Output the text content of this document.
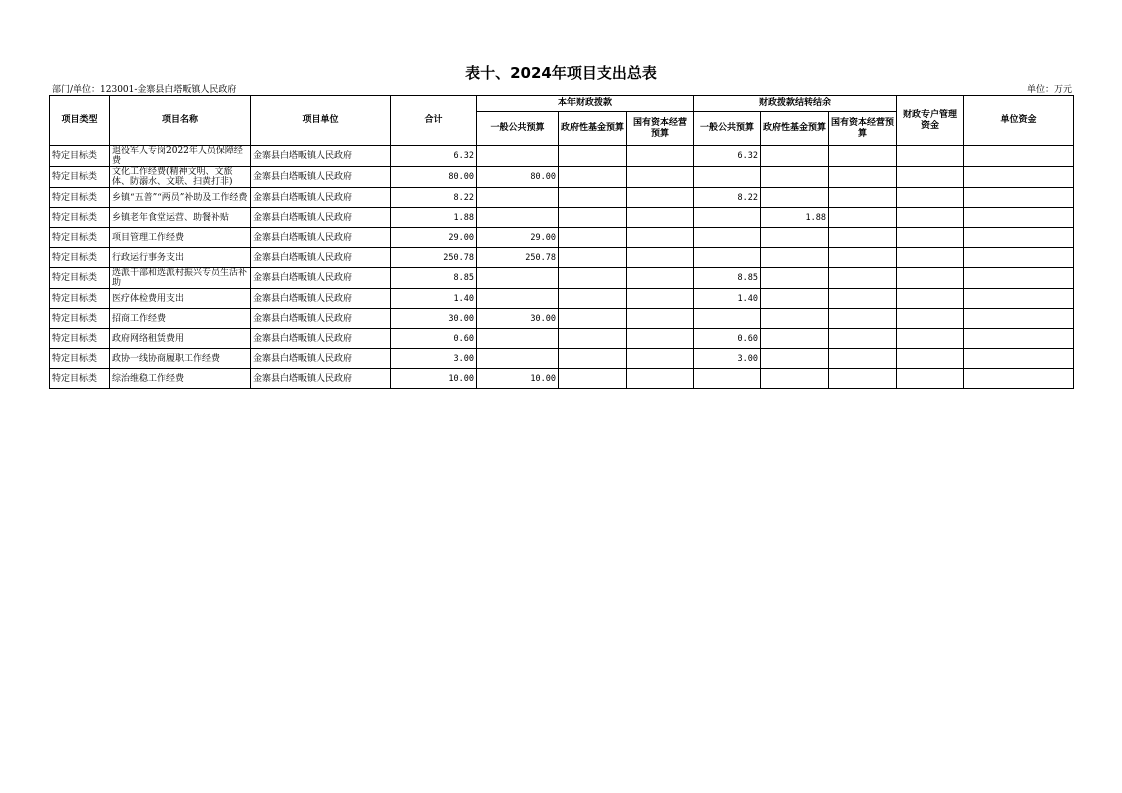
表十、2024年项目支出总表
部门/单位：123001-金寨县白塔畈镇人民政府	单位：万元
项目类型	项目名称	项目单位	合计	本年财政拨款			财政拨款结转结余			财政专户管理资金	单位资金
				一般公共预算	政府性基金预算	国有资本经营预算	一般公共预算	政府性基金预算	国有资本经营预算		
特定目标类	退役军人专岗2022年人员保障经费	金寨县白塔畈镇人民政府	6.32				6.32				
特定目标类	文化工作经费(精神文明、文旅体、防溺水、文联、扫黄打非)	金寨县白塔畈镇人民政府	80.00	80.00							
特定目标类	乡镇“五普”“两员”补助及工作经费	金寨县白塔畈镇人民政府	8.22				8.22				
特定目标类	乡镇老年食堂运营、助餐补贴	金寨县白塔畈镇人民政府	1.88					1.88			
特定目标类	项目管理工作经费	金寨县白塔畈镇人民政府	29.00	29.00							
特定目标类	行政运行事务支出	金寨县白塔畈镇人民政府	250.78	250.78							
特定目标类	选派干部和选派村振兴专员生活补助	金寨县白塔畈镇人民政府	8.85				8.85				
特定目标类	医疗体检费用支出	金寨县白塔畈镇人民政府	1.40				1.40				
特定目标类	招商工作经费	金寨县白塔畈镇人民政府	30.00	30.00							
特定目标类	政府网络租赁费用	金寨县白塔畈镇人民政府	0.60				0.60				
特定目标类	政协一线协商履职工作经费	金寨县白塔畈镇人民政府	3.00				3.00				
特定目标类	综治维稳工作经费	金寨县白塔畈镇人民政府	10.00	10.00							
